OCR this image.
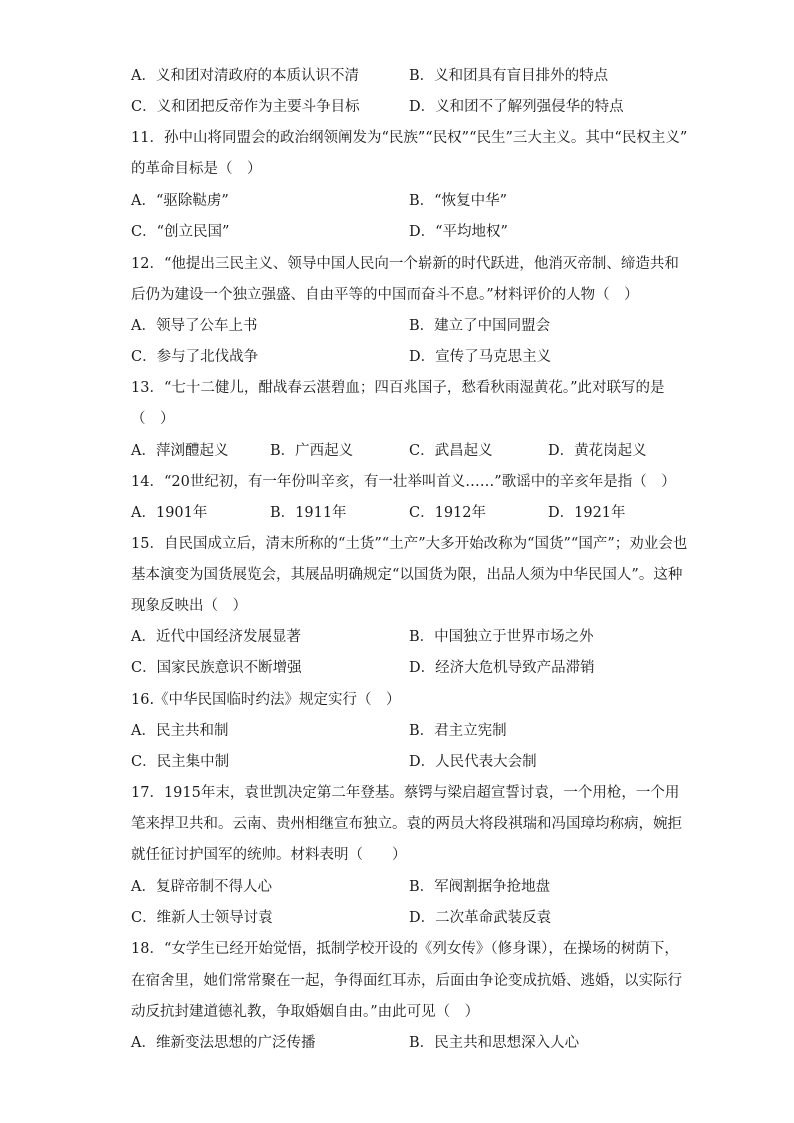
A．义和团对清政府的本质认识不清	B．义和团具有盲目排外的特点
C．义和团把反帝作为主要斗争目标	D．义和团不了解列强侵华的特点
11．孙中山将同盟会的政治纲领阐发为“民族”“民权”“民生”三大主义。其中“民权主义”
的革命目标是（　）
A．“驱除鞑虏”	B．“恢复中华”
C．“创立民国”	D．“平均地权”
12．“他提出三民主义、领导中国人民向一个崭新的时代跃进，他消灭帝制、缔造共和
后仍为建设一个独立强盛、自由平等的中国而奋斗不息。”材料评价的人物（　）
A．领导了公车上书	B．建立了中国同盟会
C．参与了北伐战争	D．宣传了马克思主义
13．“七十二健儿，酣战春云湛碧血；四百兆国子，愁看秋雨湿黄花。”此对联写的是
（　）
A．萍浏醴起义	B．广西起义	C．武昌起义	D．黄花岗起义
14．“20世纪初，有一年份叫辛亥，有一壮举叫首义……”歌谣中的辛亥年是指（　）
A．1901年	B．1911年	C．1912年	D．1921年
15．自民国成立后，清末所称的“土货”“土产”大多开始改称为“国货”“国产”；劝业会也
基本演变为国货展览会，其展品明确规定“以国货为限，出品人须为中华民国人”。这种
现象反映出（　）
A．近代中国经济发展显著	B．中国独立于世界市场之外
C．国家民族意识不断增强	D．经济大危机导致产品滞销
16.《中华民国临时约法》规定实行（　）
A．民主共和制	B．君主立宪制
C．民主集中制	D．人民代表大会制
17．1915年末，袁世凯决定第二年登基。蔡锷与梁启超宣誓讨袁，一个用枪，一个用
笔来捍卫共和。云南、贵州相继宣布独立。袁的两员大将段祺瑞和冯国璋均称病，婉拒
就任征讨护国军的统帅。材料表明（　　）
A．复辟帝制不得人心	B．军阀割据争抢地盘
C．维新人士领导讨袁	D．二次革命武装反袁
18．“女学生已经开始觉悟，抵制学校开设的《列女传》（修身课），在操场的树荫下，
在宿舍里，她们常常聚在一起，争得面红耳赤，后面由争论变成抗婚、逃婚，以实际行
动反抗封建道德礼教，争取婚姻自由。”由此可见（　）
A．维新变法思想的广泛传播	B．民主共和思想深入人心
